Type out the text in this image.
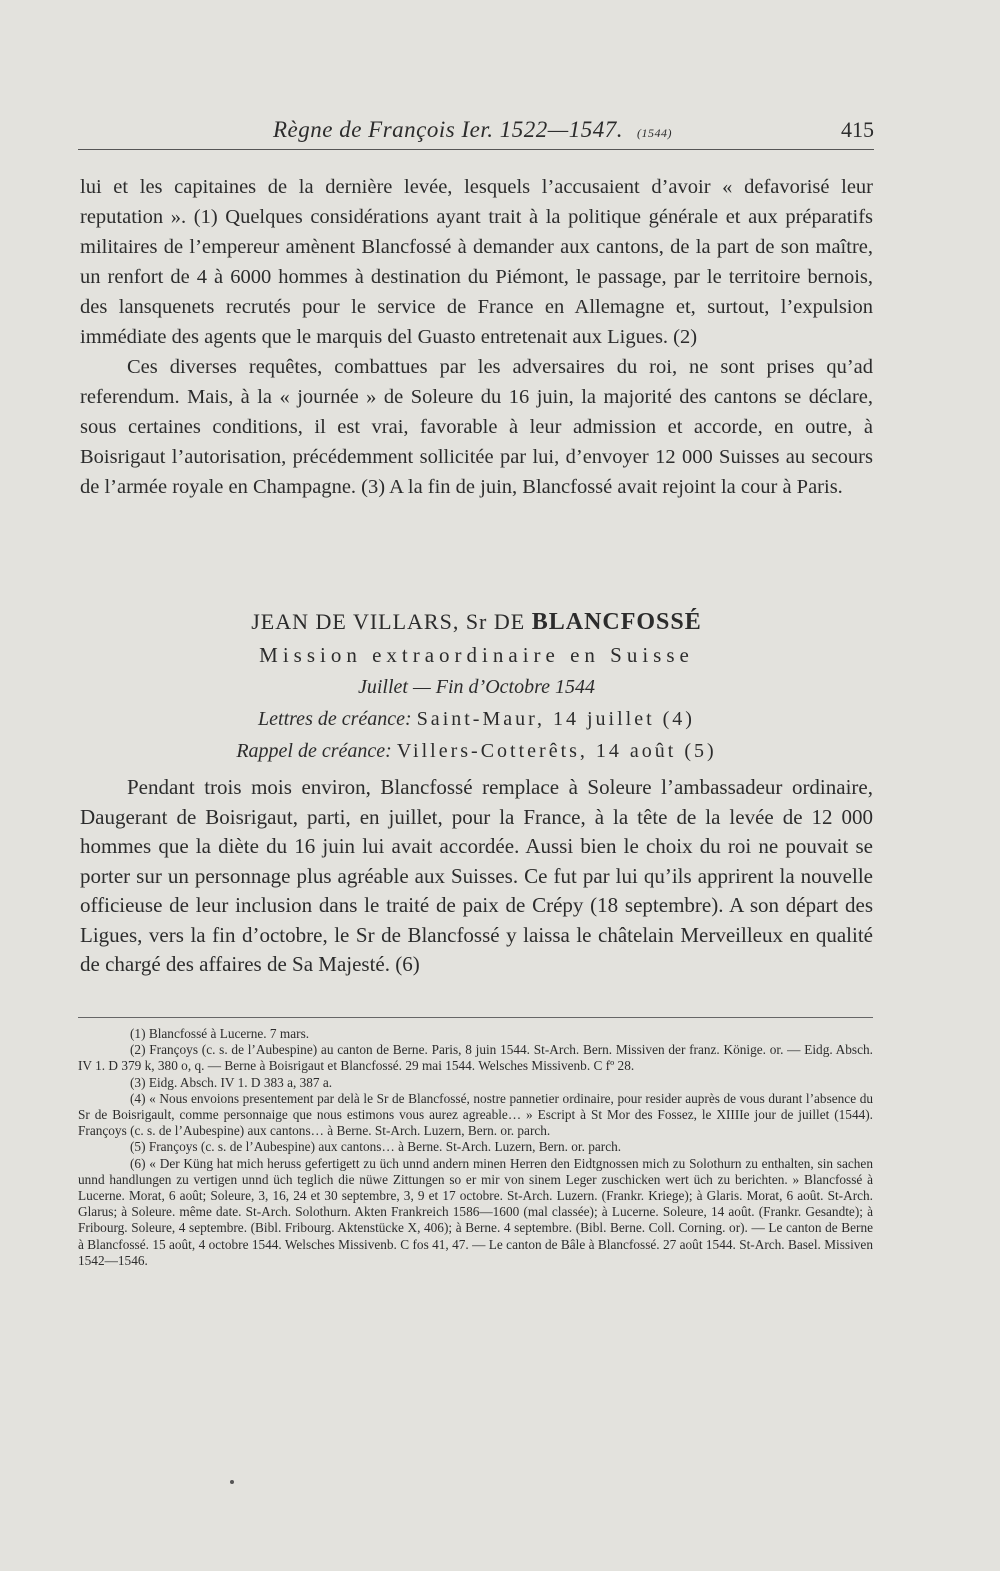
Règne de François Ier. 1522—1547. (1544)	415

lui et les capitaines de la dernière levée, lesquels l’accusaient d’avoir « defavorisé leur reputation ». (1) Quelques considérations ayant trait à la politique générale et aux préparatifs militaires de l’empereur amènent Blancfossé à demander aux cantons, de la part de son maître, un renfort de 4 à 6000 hommes à destination du Piémont, le passage, par le territoire bernois, des lansquenets recrutés pour le service de France en Allemagne et, surtout, l’expulsion immédiate des agents que le marquis del Guasto entretenait aux Ligues. (2)

Ces diverses requêtes, combattues par les adversaires du roi, ne sont prises qu’ad referendum. Mais, à la « journée » de Soleure du 16 juin, la majorité des cantons se déclare, sous certaines conditions, il est vrai, favorable à leur admission et accorde, en outre, à Boisrigaut l’autorisation, précédemment sollicitée par lui, d’envoyer 12 000 Suisses au secours de l’armée royale en Champagne. (3) A la fin de juin, Blancfossé avait rejoint la cour à Paris.

JEAN DE VILLARS, Sr DE BLANCFOSSÉ
Mission extraordinaire en Suisse
Juillet — Fin d’Octobre 1544
Lettres de créance: Saint-Maur, 14 juillet (4)
Rappel de créance: Villers-Cotterêts, 14 août (5)

Pendant trois mois environ, Blancfossé remplace à Soleure l’ambassadeur ordinaire, Daugerant de Boisrigaut, parti, en juillet, pour la France, à la tête de la levée de 12 000 hommes que la diète du 16 juin lui avait accordée. Aussi bien le choix du roi ne pouvait se porter sur un personnage plus agréable aux Suisses. Ce fut par lui qu’ils apprirent la nouvelle officieuse de leur inclusion dans le traité de paix de Crépy (18 septembre). A son départ des Ligues, vers la fin d’octobre, le Sr de Blancfossé y laissa le châtelain Merveilleux en qualité de chargé des affaires de Sa Majesté. (6)

(1) Blancfossé à Lucerne. 7 mars.

(2) Françoys (c. s. de l’Aubespine) au canton de Berne. Paris, 8 juin 1544. St-Arch. Bern. Missiven der franz. Könige. or. — Eidg. Absch. IV 1. D 379 k, 380 o, q. — Berne à Boisrigaut et Blancfossé. 29 mai 1544. Welsches Missivenb. C fº 28.

(3) Eidg. Absch. IV 1. D 383 a, 387 a.

(4) « Nous envoions presentement par delà le Sr de Blancfossé, nostre pannetier ordinaire, pour resider auprès de vous durant l’absence du Sr de Boisrigault, comme personnaige que nous estimons vous aurez agreable… » Escript à St Mor des Fossez, le XIIIIe jour de juillet (1544). Françoys (c. s. de l’Aubespine) aux cantons… à Berne. St-Arch. Luzern, Bern. or. parch.

(5) Françoys (c. s. de l’Aubespine) aux cantons… à Berne. St-Arch. Luzern, Bern. or. parch.

(6) « Der Küng hat mich heruss gefertigett zu üch unnd andern minen Herren den Eidtgnossen mich zu Solothurn zu enthalten, sin sachen unnd handlungen zu vertigen unnd üch teglich die nüwe Zittungen so er mir von sinem Leger zuschicken wert üch zu berichten. » Blancfossé à Lucerne. Morat, 6 août; Soleure, 3, 16, 24 et 30 septembre, 3, 9 et 17 octobre. St-Arch. Luzern. (Frankr. Kriege); à Glaris. Morat, 6 août. St-Arch. Glarus; à Soleure. même date. St-Arch. Solothurn. Akten Frankreich 1586—1600 (mal classée); à Lucerne. Soleure, 14 août. (Frankr. Gesandte); à Fribourg. Soleure, 4 septembre. (Bibl. Fribourg. Aktenstücke X, 406); à Berne. 4 septembre. (Bibl. Berne. Coll. Corning. or). — Le canton de Berne à Blancfossé. 15 août, 4 octobre 1544. Welsches Missivenb. C fos 41, 47. — Le canton de Bâle à Blancfossé. 27 août 1544. St-Arch. Basel. Missiven 1542—1546.
